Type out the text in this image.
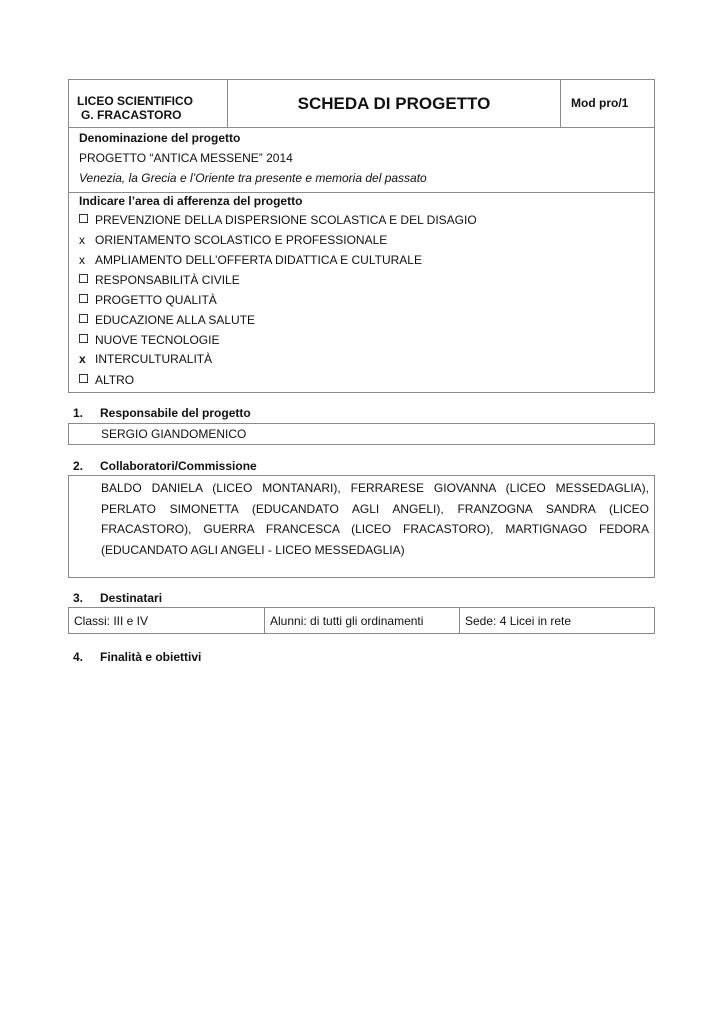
LICEO SCIENTIFICO
G. FRACASTORO
SCHEDA DI PROGETTO	Mod pro/1
Denominazione del progetto
PROGETTO “ANTICA MESSENE” 2014
Venezia, la Grecia e l’Oriente tra presente e memoria del passato
Indicare l’area di afferenza del progetto
PREVENZIONE DELLA DISPERSIONE SCOLASTICA E DEL DISAGIO
x ORIENTAMENTO SCOLASTICO E PROFESSIONALE
x AMPLIAMENTO DELL’OFFERTA DIDATTICA E CULTURALE
RESPONSABILITÀ CIVILE
PROGETTO QUALITÀ
EDUCAZIONE ALLA SALUTE
NUOVE TECNOLOGIE
x INTERCULTURALITÀ
ALTRO
1. Responsabile del progetto
SERGIO GIANDOMENICO
2. Collaboratori/Commissione
BALDO DANIELA (LICEO MONTANARI), FERRARESE GIOVANNA (LICEO MESSEDAGLIA), PERLATO SIMONETTA (EDUCANDATO AGLI ANGELI), FRANZOGNA SANDRA (LICEO FRACASTORO), GUERRA FRANCESCA (LICEO FRACASTORO), MARTIGNAGO FEDORA (EDUCANDATO AGLI ANGELI - LICEO MESSEDAGLIA)
3. Destinatari
Classi: III e IV	Alunni: di tutti gli ordinamenti	Sede: 4 Licei in rete
4. Finalità e obiettivi
